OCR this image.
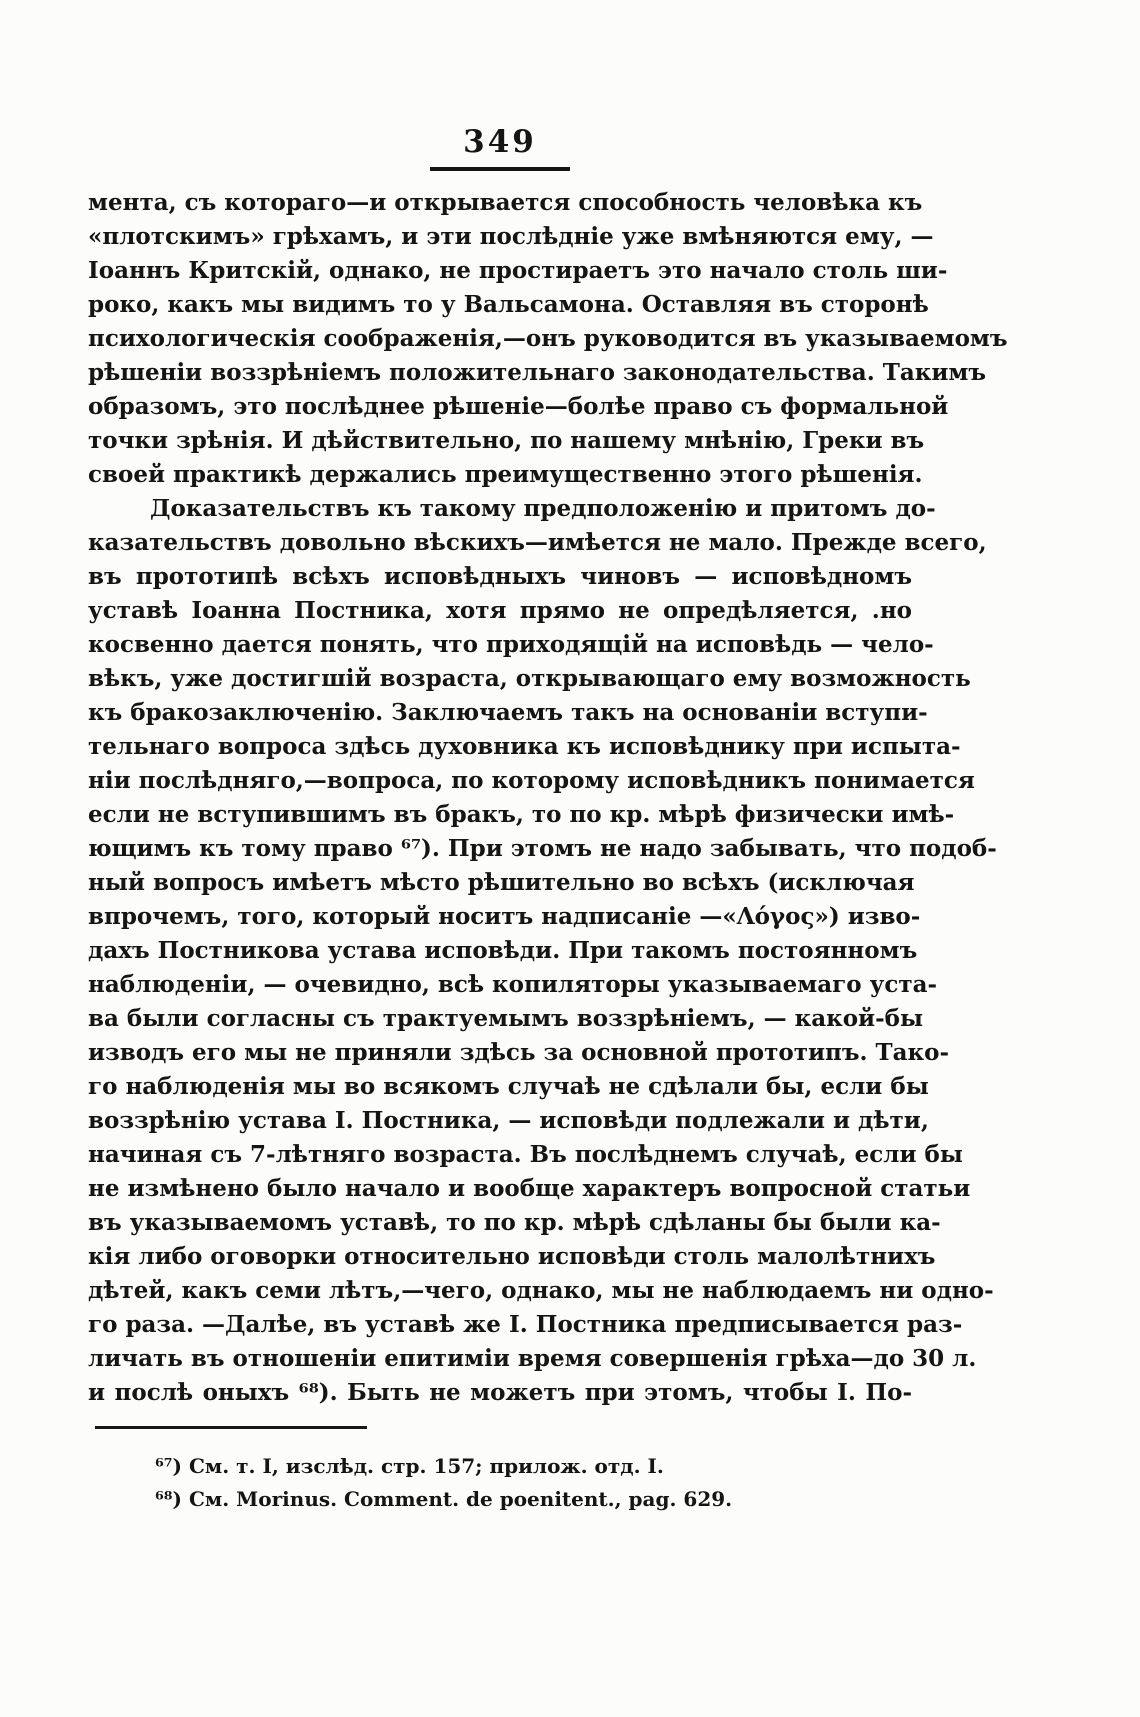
349
мента, съ котораго—и открывается способность человѣка къ
«плотскимъ» грѣхамъ, и эти послѣдніе уже вмѣняются ему, —
Іоаннъ Критскій, однако, не простираетъ это начало столь ши-
роко, какъ мы видимъ то у Вальсамона. Оставляя въ сторонѣ
психологическія соображенія,—онъ руководится въ указываемомъ
рѣшеніи воззрѣніемъ положительнаго законодательства. Такимъ
образомъ, это послѣднее рѣшеніе—болѣе право съ формальной
точки зрѣнія. И дѣйствительно, по нашему мнѣнію, Греки въ
своей практикѣ держались преимущественно этого рѣшенія.
Доказательствъ къ такому предположенію и притомъ до-
казательствъ довольно вѣскихъ—имѣется не мало. Прежде всего,
въ прототипѣ всѣхъ исповѣдныхъ чиновъ — исповѣдномъ
уставѣ Іоанна Постника, хотя прямо не опредѣляется, .но
косвенно дается понять, что приходящій на исповѣдь — чело-
вѣкъ, уже достигшій возраста, открывающаго ему возможность
къ бракозаключенію. Заключаемъ такъ на основаніи вступи-
тельнаго вопроса здѣсь духовника къ исповѣднику при испыта-
ніи послѣдняго,—вопроса, по которому исповѣдникъ понимается
если не вступившимъ въ бракъ, то по кр. мѣрѣ физически имѣ-
ющимъ къ тому право ⁶⁷). При этомъ не надо забывать, что подоб-
ный вопросъ имѣетъ мѣсто рѣшительно во всѣхъ (исключая
впрочемъ, того, который носитъ надписаніе —«Λόγος») изво-
дахъ Постникова устава исповѣди. При такомъ постоянномъ
наблюденіи, — очевидно, всѣ копиляторы указываемаго уста-
ва были согласны съ трактуемымъ воззрѣніемъ, — какой-бы
изводъ его мы не приняли здѣсь за основной прототипъ. Тако-
го наблюденія мы во всякомъ случаѣ не сдѣлали бы, если бы
воззрѣнію устава І. Постника, — исповѣди подлежали и дѣти,
начиная съ 7-лѣтняго возраста. Въ послѣднемъ случаѣ, если бы
не измѣнено было начало и вообще характеръ вопросной статьи
въ указываемомъ уставѣ, то по кр. мѣрѣ сдѣланы бы были ка-
кія либо оговорки относительно исповѣди столь малолѣтнихъ
дѣтей, какъ семи лѣтъ,—чего, однако, мы не наблюдаемъ ни одно-
го раза. —Далѣе, въ уставѣ же І. Постника предписывается раз-
личать въ отношеніи епитиміи время совершенія грѣха—до 30 л.
и послѣ оныхъ ⁶⁸). Быть не можетъ при этомъ, чтобы І. По-
⁶⁷) См. т. I, изслѣд. стр. 157; прилож. отд. I.
⁶⁸) См. Morinus. Comment. de poenitent., pag. 629.
